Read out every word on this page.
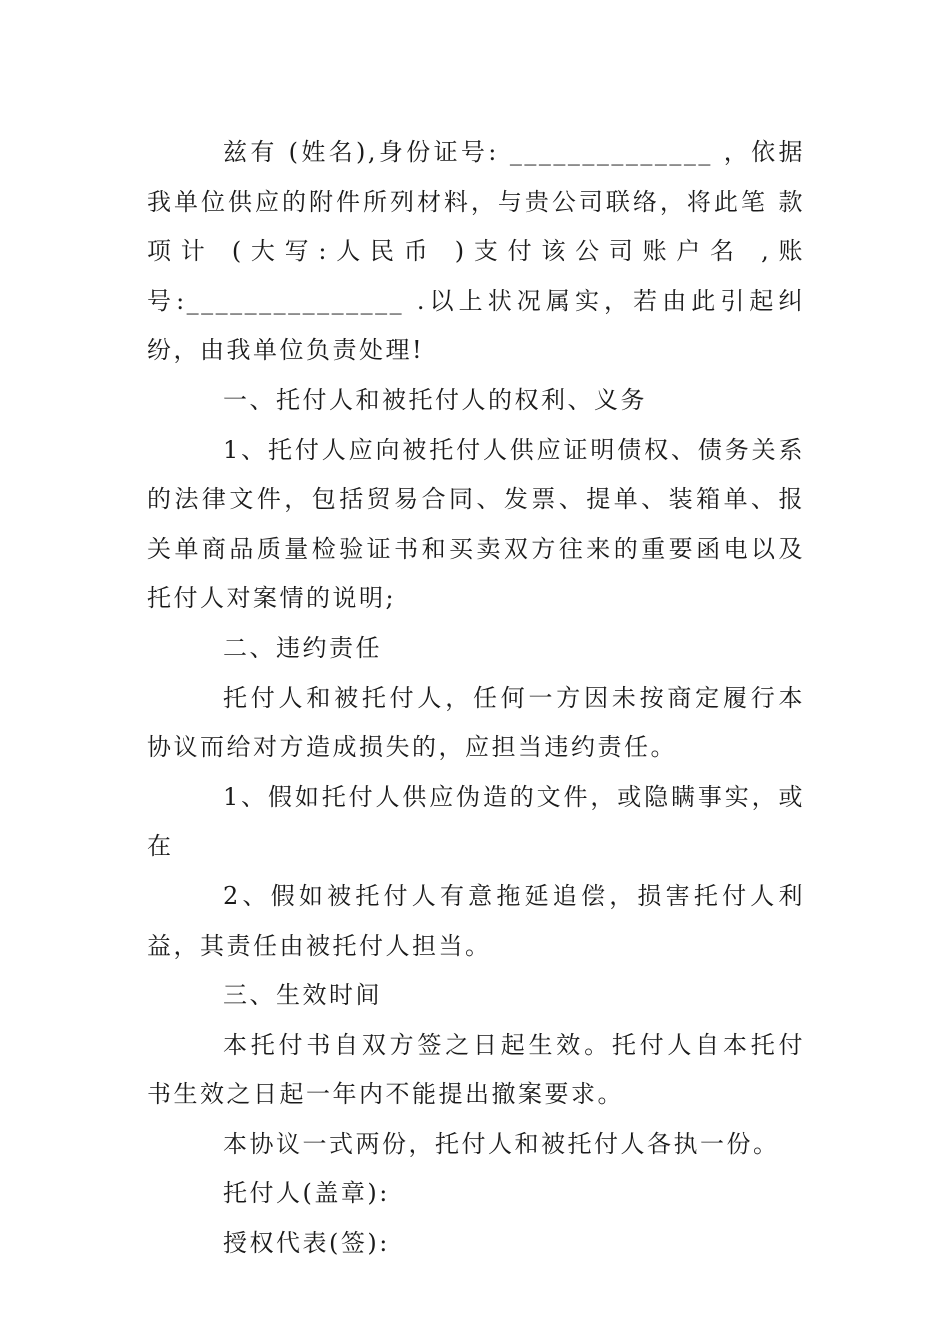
兹有 (姓名),身份证号: ______________ ，依据我单位供应的附件所列材料，与贵公司联络，将此笔 款项计 (大写:人民币 )支付该公司账户名 ,账号:_______________ .以上状况属实，若由此引起纠纷，由我单位负责处理!

一、托付人和被托付人的权利、义务

1、托付人应向被托付人供应证明债权、债务关系的法律文件，包括贸易合同、发票、提单、装箱单、报关单商品质量检验证书和买卖双方往来的重要函电以及托付人对案情的说明;

二、违约责任

托付人和被托付人，任何一方因未按商定履行本协议而给对方造成损失的，应担当违约责任。

1、假如托付人供应伪造的文件，或隐瞒事实，或在

2、假如被托付人有意拖延追偿，损害托付人利益，其责任由被托付人担当。

三、生效时间

本托付书自双方签之日起生效。托付人自本托付书生效之日起一年内不能提出撤案要求。

本协议一式两份，托付人和被托付人各执一份。

托付人(盖章):

授权代表(签):
